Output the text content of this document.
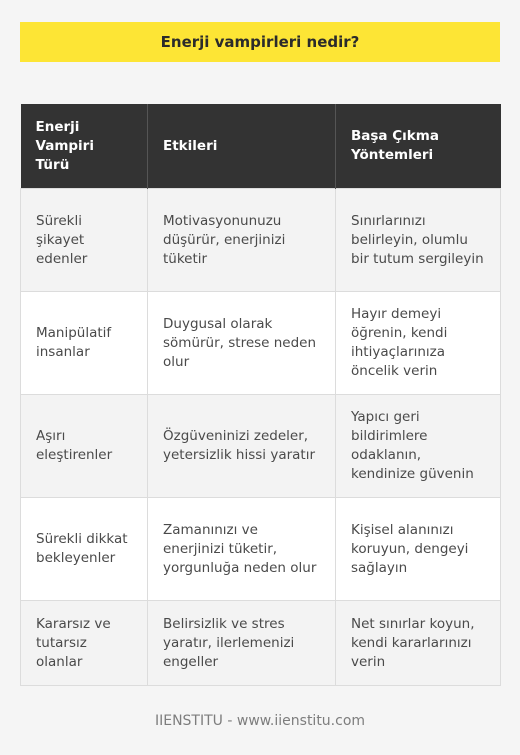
Enerji vampirleri nedir?
Enerji Vampiri Türü	Etkileri	Başa Çıkma Yöntemleri
Sürekli şikayet edenler	Motivasyonunuzu düşürür, enerjinizi tüketir	Sınırlarınızı belirleyin, olumlu bir tutum sergileyin
Manipülatif insanlar	Duygusal olarak sömürür, strese neden olur	Hayır demeyi öğrenin, kendi ihtiyaçlarınıza öncelik verin
Aşırı eleştirenler	Özgüveninizi zedeler, yetersizlik hissi yaratır	Yapıcı geri bildirimlere odaklanın, kendinize güvenin
Sürekli dikkat bekleyenler	Zamanınızı ve enerjinizi tüketir, yorgunluğa neden olur	Kişisel alanınızı koruyun, dengeyi sağlayın
Kararsız ve tutarsız olanlar	Belirsizlik ve stres yaratır, ilerlemenizi engeller	Net sınırlar koyun, kendi kararlarınızı verin
IIENSTITU - www.iienstitu.com
